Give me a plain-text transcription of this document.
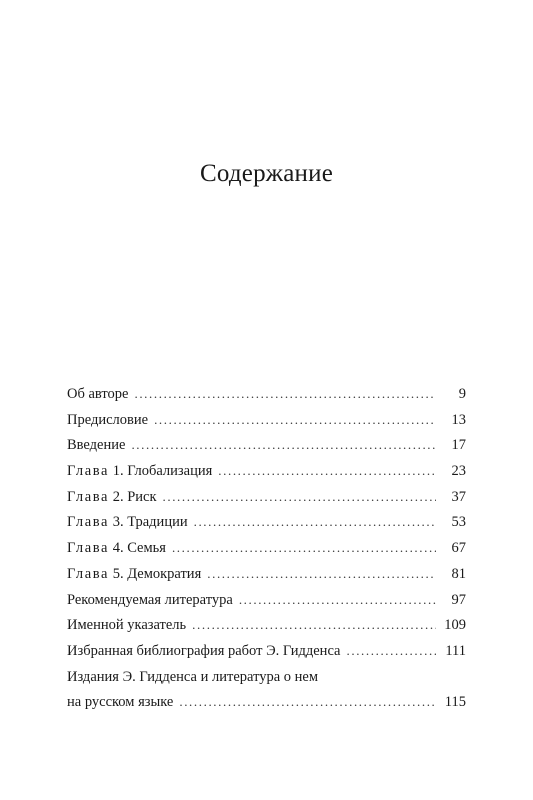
Содержание
Об авторе .....	9
Предисловие .....	13
Введение .....	17
Глава 1. Глобализация .....	23
Глава 2. Риск .....	37
Глава 3. Традиции .....	53
Глава 4. Семья .....	67
Глава 5. Демократия .....	81
Рекомендуемая литература .....	97
Именной указатель .....	109
Избранная библиография работ Э. Гидденса .....	111
Издания Э. Гидденса и литература о нем
на русском языке .....	115
